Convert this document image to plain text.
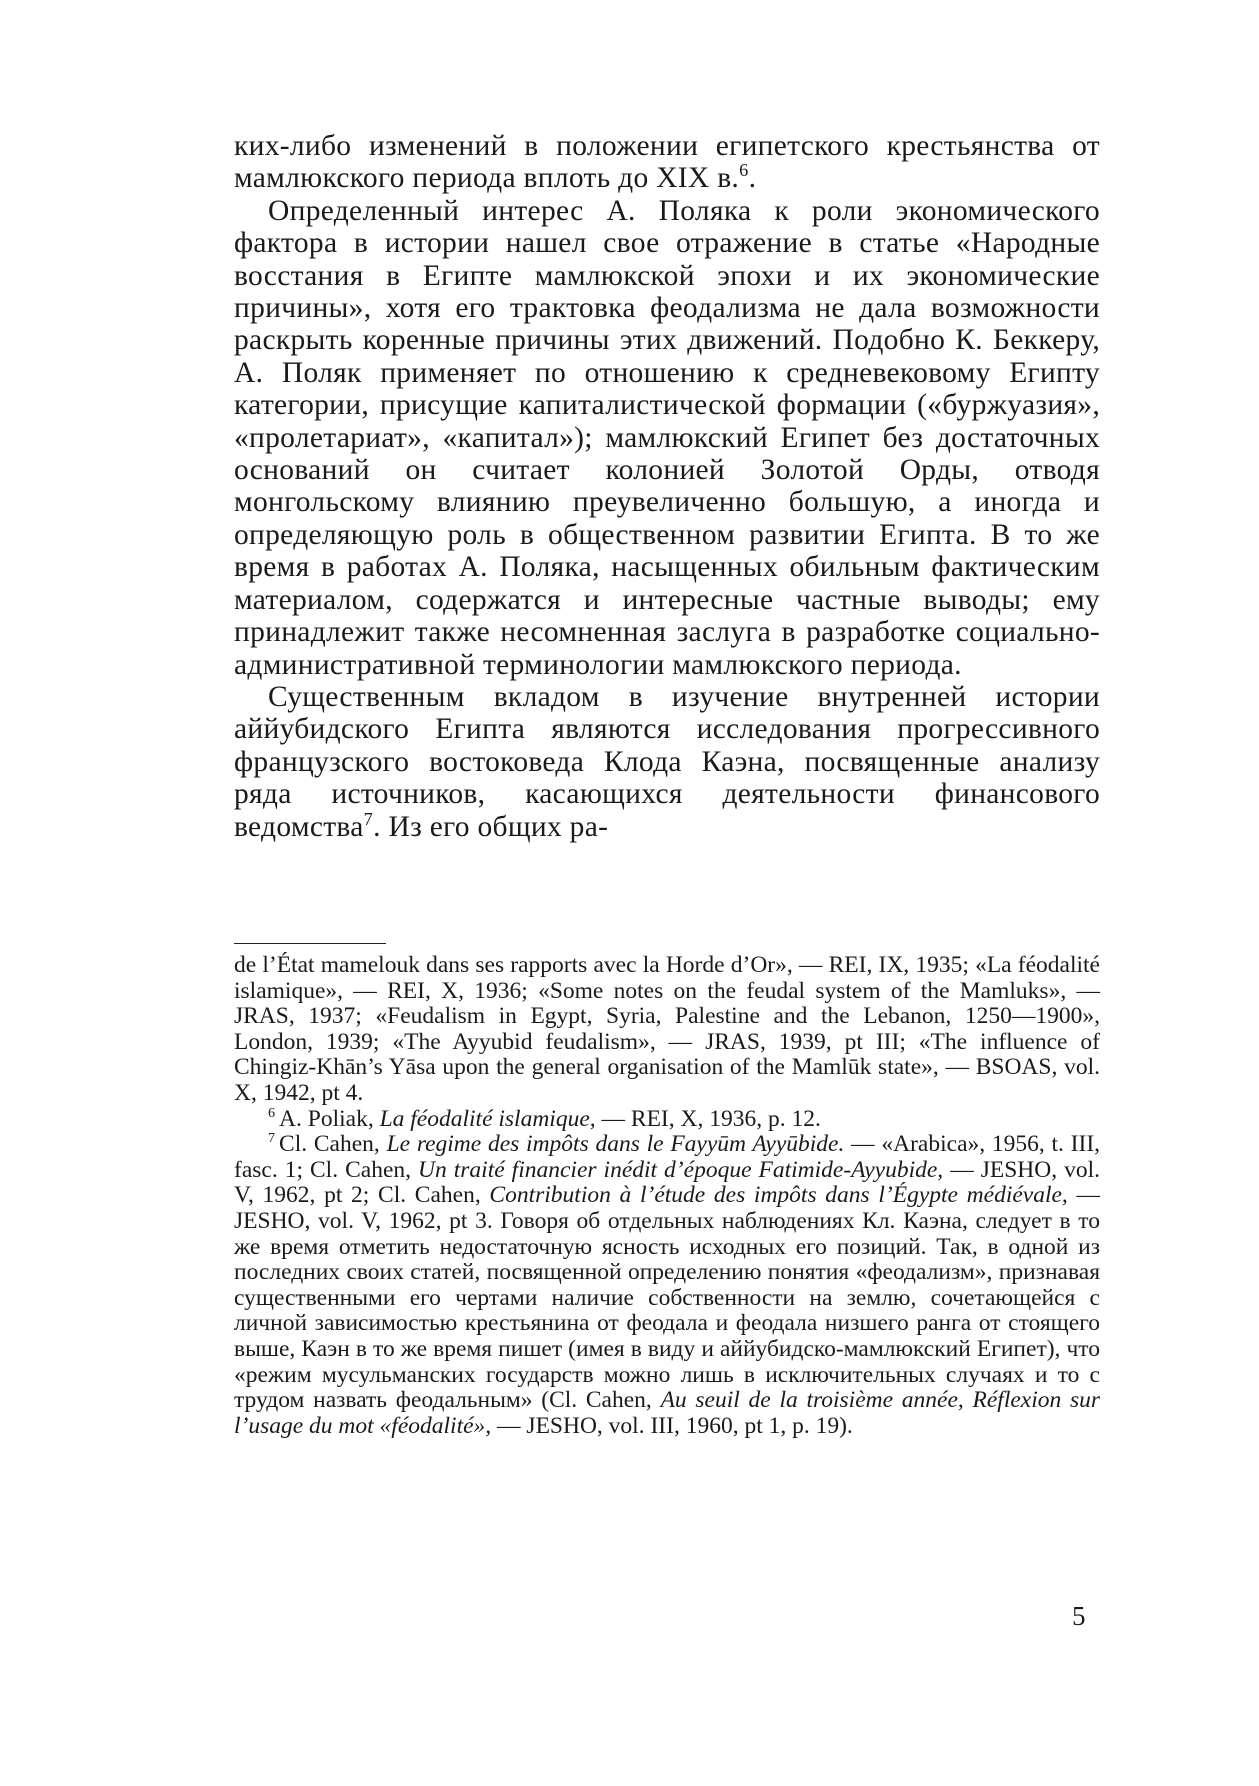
ких-либо изменений в положении египетского крестьянства от мамлюкского периода вплоть до XIX в.$^6$.

Определенный интерес А. Поляка к роли экономического фактора в истории нашел свое отражение в статье «Народные восстания в Египте мамлюкской эпохи и их экономические причины», хотя его трактовка феодализма не дала возможности раскрыть коренные причины этих движений. Подобно К. Беккеру, А. Поляк применяет по отношению к средневековому Египту категории, присущие капиталистической формации («буржуазия», «пролетариат», «капитал»); мамлюкский Египет без достаточных оснований он считает колонией Золотой Орды, отводя монгольскому влиянию преувеличенно большую, а иногда и определяющую роль в общественном развитии Египта. В то же время в работах А. Поляка, насыщенных обильным фактическим материалом, содержатся и интересные частные выводы; ему принадлежит также несомненная заслуга в разработке социально-административной терминологии мамлюкского периода.

Существенным вкладом в изучение внутренней истории аййубидского Египта являются исследования прогрессивного французского востоковеда Клода Каэна, посвященные анализу ряда источников, касающихся деятельности финансового ведомства$^7$. Из его общих ра-

de l’État mamelouk dans ses rapports avec la Horde d’Or», — REI, IX, 1935; «La féodalité islamique», — REI, X, 1936; «Some notes on the feudal system of the Mamluks», — JRAS, 1937; «Feudalism in Egypt, Syria, Palestine and the Lebanon, 1250—1900», London, 1939; «The Ayyubid feudalism», — JRAS, 1939, pt III; «The influence of Chingiz-Khān’s Yāsa upon the general organisation of the Mamlūk state», — BSOAS, vol. X, 1942, pt 4.

$^6$ A. Poliak, La féodalité islamique, — REI, X, 1936, p. 12.

$^7$ Cl. Cahen, Le regime des impôts dans le Fayyūm Ayyūbide. — «Arabica», 1956, t. III, fasc. 1; Cl. Cahen, Un traité financier inédit d’époque Fatimide-Ayyubide, — JESHO, vol. V, 1962, pt 2; Cl. Cahen, Contribution à l’étude des impôts dans l’Égypte médiévale, — JESHO, vol. V, 1962, pt 3. Говоря об отдельных наблюдениях Кл. Каэна, следует в то же время отметить недостаточную ясность исходных его позиций. Так, в одной из последних своих статей, посвященной определению понятия «феодализм», признавая существенными его чертами наличие собственности на землю, сочетающейся с личной зависимостью крестьянина от феодала и феодала низшего ранга от стоящего выше, Каэн в то же время пишет (имея в виду и аййубидско-мамлюкский Египет), что «режим мусульманских государств можно лишь в исключительных случаях и то с трудом назвать феодальным» (Cl. Cahen, Au seuil de la troisième année, Réflexion sur l’usage du mot «féodalité», — JESHO, vol. III, 1960, pt 1, p. 19).

5
